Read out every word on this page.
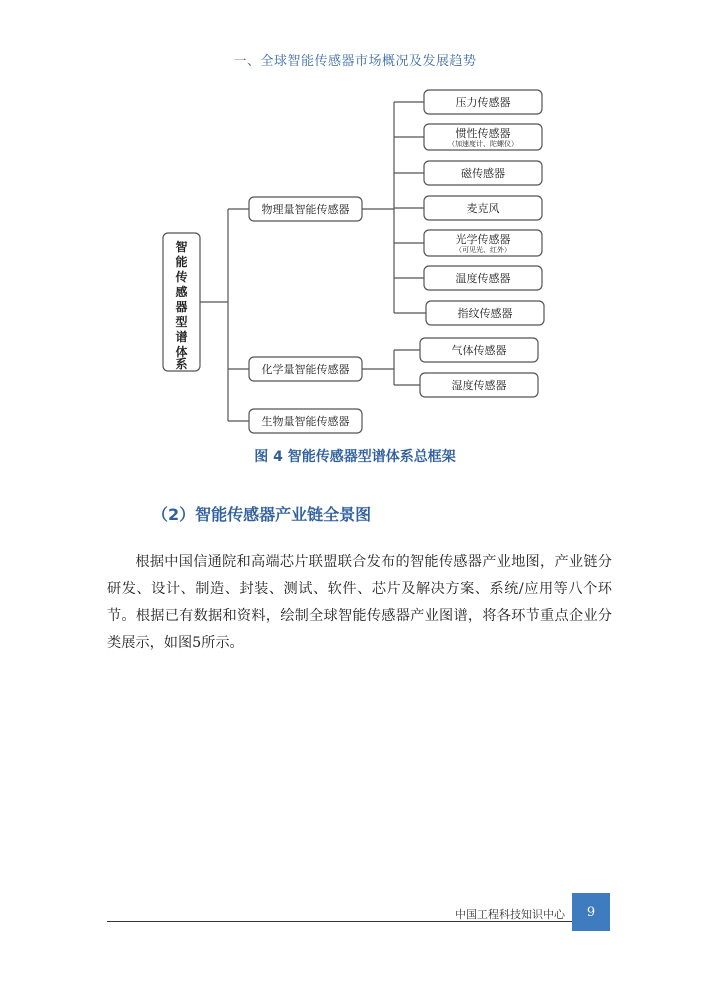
一、全球智能传感器市场概况及发展趋势
智
能
传
感
器
型
谱
体
系
物理量智能传感器
化学量智能传感器
生物量智能传感器
压力传感器
惯性传感器
（加速度计、陀螺仪）
磁传感器
麦克风
光学传感器
（可见光、红外）
温度传感器
指纹传感器
气体传感器
湿度传感器
图 4 智能传感器型谱体系总框架
（2）智能传感器产业链全景图

根据中国信通院和高端芯片联盟联合发布的智能传感器产业地图，产业链分研发、设计、制造、封装、测试、软件、芯片及解决方案、系统/应用等八个环节。根据已有数据和资料，绘制全球智能传感器产业图谱，将各环节重点企业分类展示，如图5所示。

中国工程科技知识中心 9
